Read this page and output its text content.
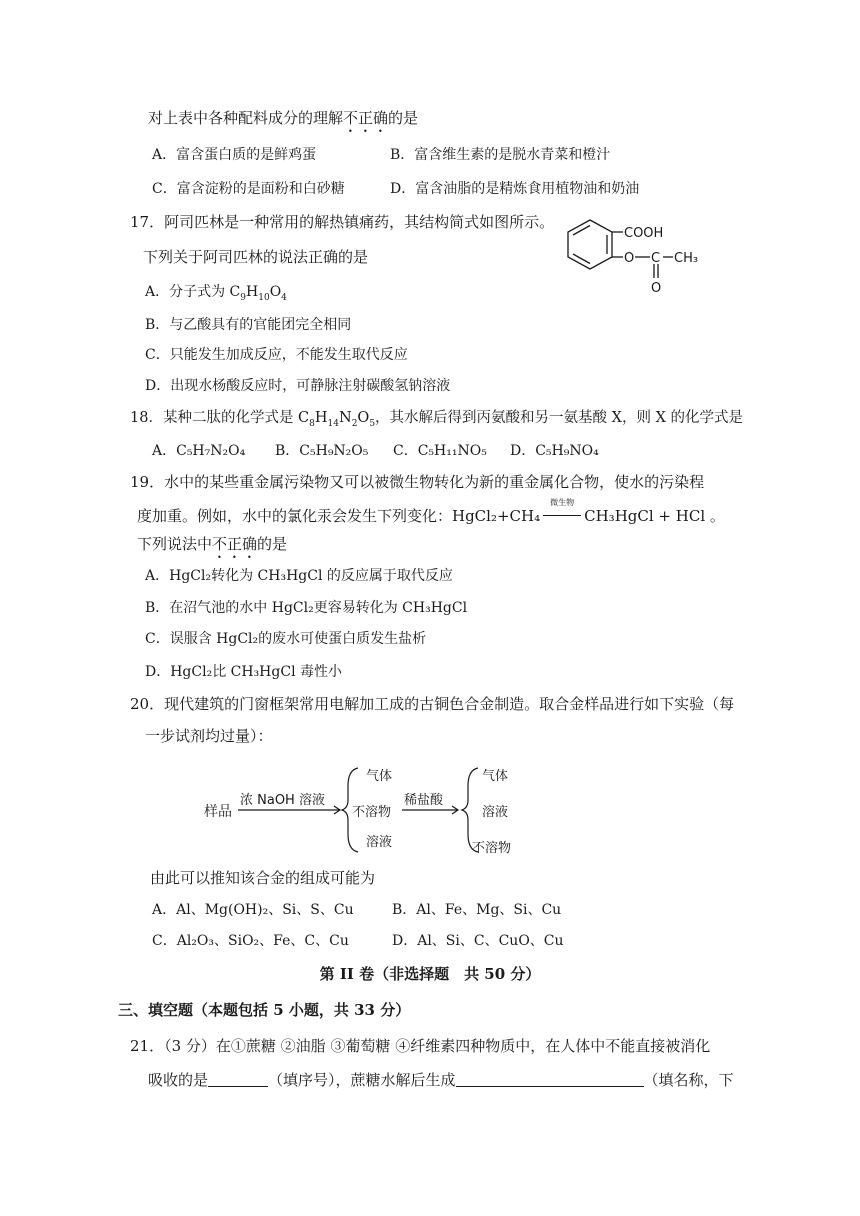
对上表中各种配料成分的理解不正确的是
A．富含蛋白质的是鲜鸡蛋	B．富含维生素的是脱水青菜和橙汁
C．富含淀粉的是面粉和白砂糖	D．富含油脂的是精炼食用植物油和奶油
17．阿司匹林是一种常用的解热镇痛药，其结构简式如图所示。
下列关于阿司匹林的说法正确的是
COOH
O C CH₃
O
A．分子式为 $C_9H_{10}O_4$
B．与乙酸具有的官能团完全相同
C．只能发生加成反应，不能发生取代反应
D．出现水杨酸反应时，可静脉注射碳酸氢钠溶液
18．某种二肽的化学式是 $C_8H_{14}N_2O_5$，其水解后得到丙氨酸和另一氨基酸 X，则 X 的化学式是
A．C₅H₇N₂O₄ B．C₅H₉N₂O₅ C．C₅H₁₁NO₅ D．C₅H₉NO₄
19．水中的某些重金属污染物又可以被微生物转化为新的重金属化合物，使水的污染程
度加重。例如，水中的氯化汞会发生下列变化：HgCl₂+CH₄
微生物
CH₃HgCl + HCl 。
下列说法中不正确的是
A．HgCl₂转化为 CH₃HgCl 的反应属于取代反应
B．在沼气池的水中 HgCl₂更容易转化为 CH₃HgCl
C．误服含 HgCl₂的废水可使蛋白质发生盐析
D．HgCl₂比 CH₃HgCl 毒性小
20．现代建筑的门窗框架常用电解加工成的古铜色合金制造。取合金样品进行如下实验（每
一步试剂均过量）：
样品
浓 NaOH 溶液
气体
不溶物
溶液
稀盐酸
气体
溶液
不溶物
由此可以推知该合金的组成可能为
A．Al、Mg(OH)₂、Si、S、Cu	B．Al、Fe、Mg、Si、Cu
C．Al₂O₃、SiO₂、Fe、C、Cu	D．Al、Si、C、CuO、Cu
第 II 卷（非选择题　共 50 分）
三、填空题（本题包括 5 小题，共 33 分）
21．（3 分）在①蔗糖 ②油脂 ③葡萄糖 ④纤维素四种物质中，在人体中不能直接被消化
吸收的是	（填序号），蔗糖水解后生成	（填名称，下
